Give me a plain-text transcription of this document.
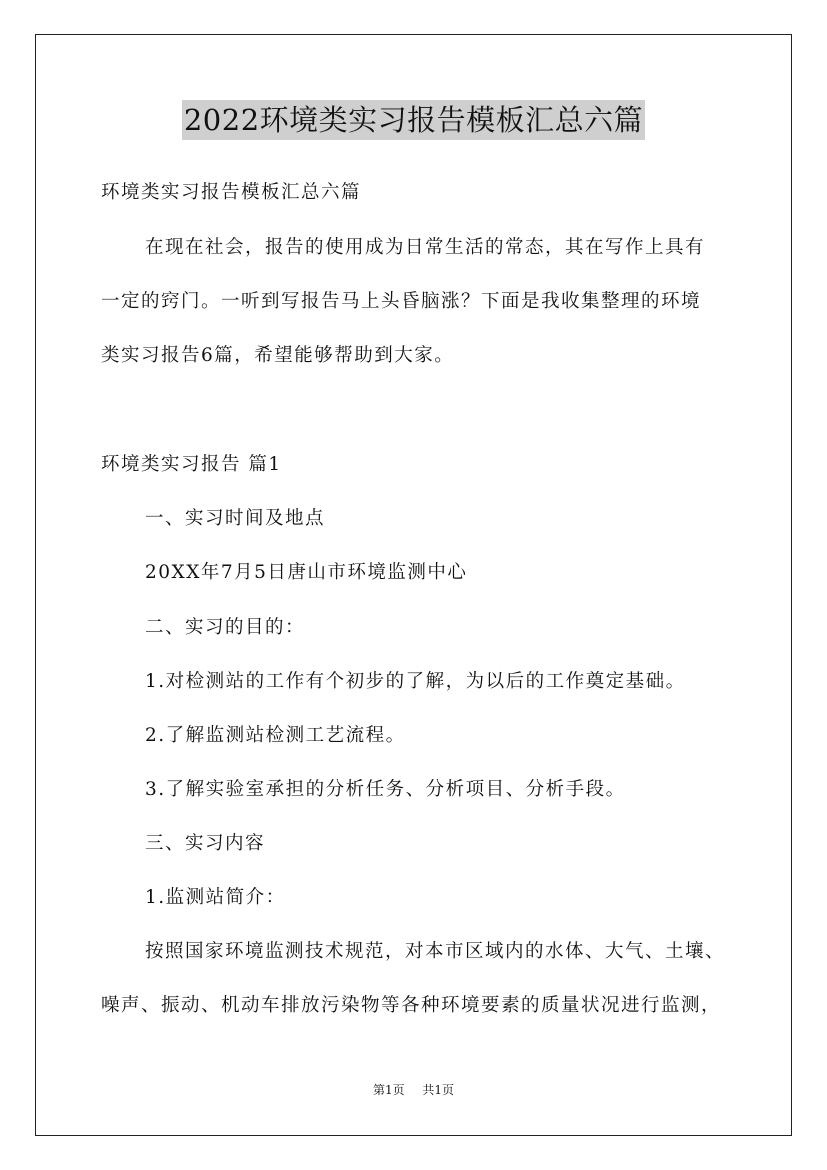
2022环境类实习报告模板汇总六篇
环境类实习报告模板汇总六篇
在现在社会，报告的使用成为日常生活的常态，其在写作上具有
一定的窍门。一听到写报告马上头昏脑涨？下面是我收集整理的环境
类实习报告6篇，希望能够帮助到大家。
环境类实习报告 篇1
一、实习时间及地点
20XX年7月5日唐山市环境监测中心
二、实习的目的：
1.对检测站的工作有个初步的了解，为以后的工作奠定基础。
2.了解监测站检测工艺流程。
3.了解实验室承担的分析任务、分析项目、分析手段。
三、实习内容
1.监测站简介：
按照国家环境监测技术规范，对本市区域内的水体、大气、土壤、
噪声、振动、机动车排放污染物等各种环境要素的质量状况进行监测，
第1页 共1页
